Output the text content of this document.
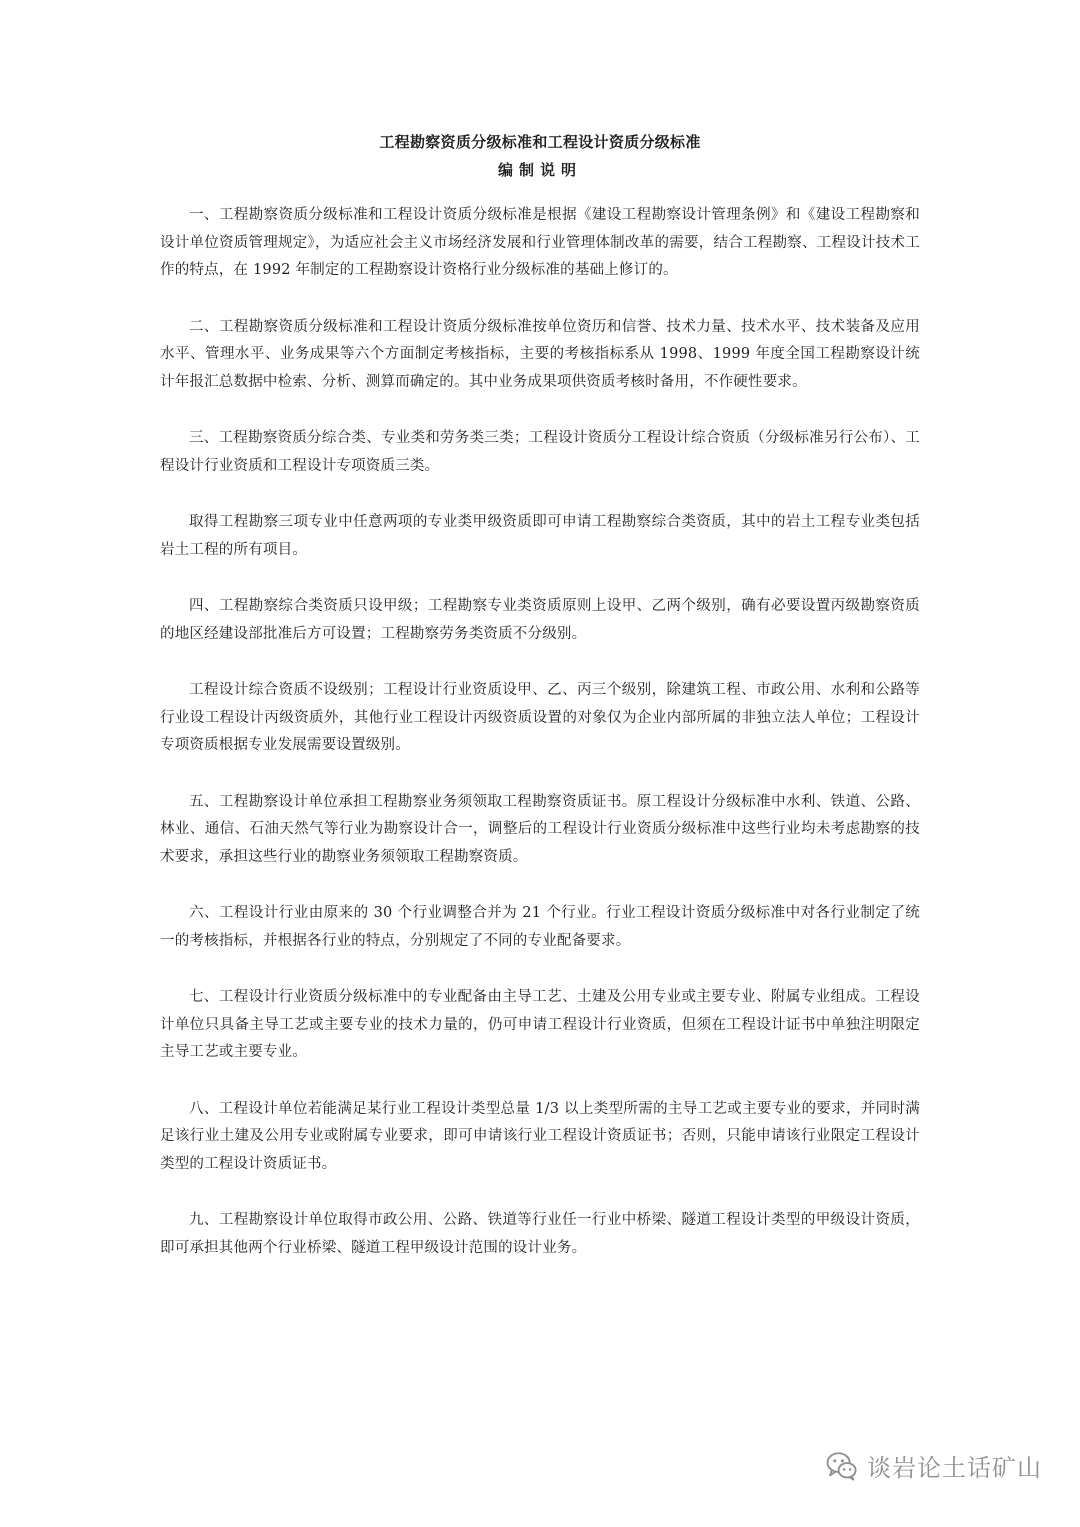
工程勘察资质分级标准和工程设计资质分级标准
编制说明

一、工程勘察资质分级标准和工程设计资质分级标准是根据《建设工程勘察设计管理条例》和《建设工程勘察和设计单位资质管理规定》，为适应社会主义市场经济发展和行业管理体制改革的需要，结合工程勘察、工程设计技术工作的特点，在 1992 年制定的工程勘察设计资格行业分级标准的基础上修订的。

二、工程勘察资质分级标准和工程设计资质分级标准按单位资历和信誉、技术力量、技术水平、技术装备及应用水平、管理水平、业务成果等六个方面制定考核指标，主要的考核指标系从 1998、1999 年度全国工程勘察设计统计年报汇总数据中检索、分析、测算而确定的。其中业务成果项供资质考核时备用，不作硬性要求。

三、工程勘察资质分综合类、专业类和劳务类三类；工程设计资质分工程设计综合资质（分级标准另行公布）、工程设计行业资质和工程设计专项资质三类。

取得工程勘察三项专业中任意两项的专业类甲级资质即可申请工程勘察综合类资质，其中的岩土工程专业类包括岩土工程的所有项目。

四、工程勘察综合类资质只设甲级；工程勘察专业类资质原则上设甲、乙两个级别，确有必要设置丙级勘察资质的地区经建设部批准后方可设置；工程勘察劳务类资质不分级别。

工程设计综合资质不设级别；工程设计行业资质设甲、乙、丙三个级别，除建筑工程、市政公用、水利和公路等行业设工程设计丙级资质外，其他行业工程设计丙级资质设置的对象仅为企业内部所属的非独立法人单位；工程设计专项资质根据专业发展需要设置级别。

五、工程勘察设计单位承担工程勘察业务须领取工程勘察资质证书。原工程设计分级标准中水利、铁道、公路、林业、通信、石油天然气等行业为勘察设计合一，调整后的工程设计行业资质分级标准中这些行业均未考虑勘察的技术要求，承担这些行业的勘察业务须领取工程勘察资质。

六、工程设计行业由原来的 30 个行业调整合并为 21 个行业。行业工程设计资质分级标准中对各行业制定了统一的考核指标，并根据各行业的特点，分别规定了不同的专业配备要求。

七、工程设计行业资质分级标准中的专业配备由主导工艺、土建及公用专业或主要专业、附属专业组成。工程设计单位只具备主导工艺或主要专业的技术力量的，仍可申请工程设计行业资质，但须在工程设计证书中单独注明限定主导工艺或主要专业。

八、工程设计单位若能满足某行业工程设计类型总量 1/3 以上类型所需的主导工艺或主要专业的要求，并同时满足该行业土建及公用专业或附属专业要求，即可申请该行业工程设计资质证书；否则，只能申请该行业限定工程设计类型的工程设计资质证书。

九、工程勘察设计单位取得市政公用、公路、铁道等行业任一行业中桥梁、隧道工程设计类型的甲级设计资质，即可承担其他两个行业桥梁、隧道工程甲级设计范围的设计业务。

谈岩论土话矿山
